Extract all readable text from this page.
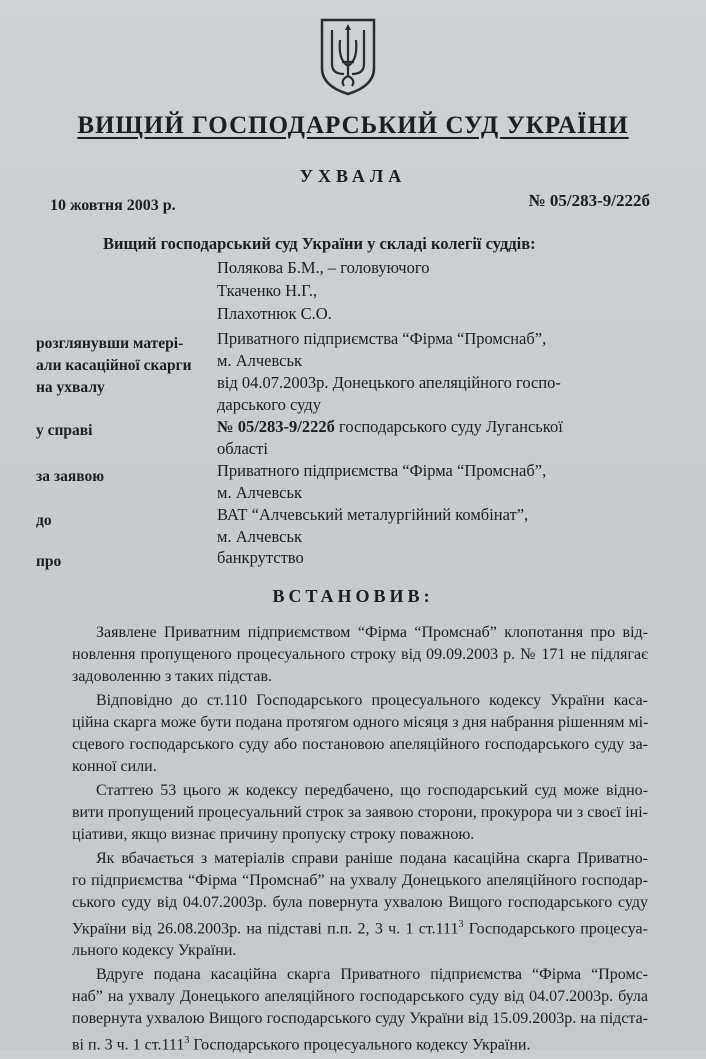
ВИЩИЙ ГОСПОДАРСЬКИЙ СУД УКРАЇНИ
УХВАЛА
10 жовтня 2003 р.	№ 05/283-9/222б
Вищий господарський суд України у складі колегії суддів:
Полякова Б.М., – головуючого
Ткаченко Н.Г.,
Плахотнюк С.О.
розглянувши матері-
али касаційної скарги
на ухвалу
Приватного підприємства “Фірма “Промснаб”,
м. Алчевськ
від 04.07.2003р. Донецького апеляційного госпо-
дарського суду
у справі	№ 05/283-9/222б господарського суду Луганської
області
за заявою	Приватного підприємства “Фірма “Промснаб”,
м. Алчевськ
до	ВАТ “Алчевський металургійний комбінат”,
м. Алчевськ
про	банкрутство
ВСТАНОВИВ:
Заявлене Приватним підприємством “Фірма “Промснаб” клопотання про від-
новлення пропущеного процесуального строку від 09.09.2003 р. № 171 не підлягає
задоволенню з таких підстав.
Відповідно до ст.110 Господарського процесуального кодексу України каса-
ційна скарга може бути подана протягом одного місяця з дня набрання рішенням мі-
сцевого господарського суду або постановою апеляційного господарського суду за-
конної сили.
Статтею 53 цього ж кодексу передбачено, що господарський суд може відно-
вити пропущений процесуальний строк за заявою сторони, прокурора чи з своєї іні-
ціативи, якщо визнає причину пропуску строку поважною.
Як вбачається з матеріалів справи раніше подана касаційна скарга Приватно-
го підприємства “Фірма “Промснаб” на ухвалу Донецького апеляційного господар-
ського суду від 04.07.2003р. була повернута ухвалою Вищого господарського суду
України від 26.08.2003р. на підставі п.п. 2, 3 ч. 1 ст.111$^3$ Господарського процесуа-
льного кодексу України.
Вдруге подана касаційна скарга Приватного підприємства “Фірма “Промс-
наб” на ухвалу Донецького апеляційного господарського суду від 04.07.2003р. була
повернута ухвалою Вищого господарського суду України від 15.09.2003р. на підста-
ві п. 3 ч. 1 ст.111$^3$ Господарського процесуального кодексу України.
